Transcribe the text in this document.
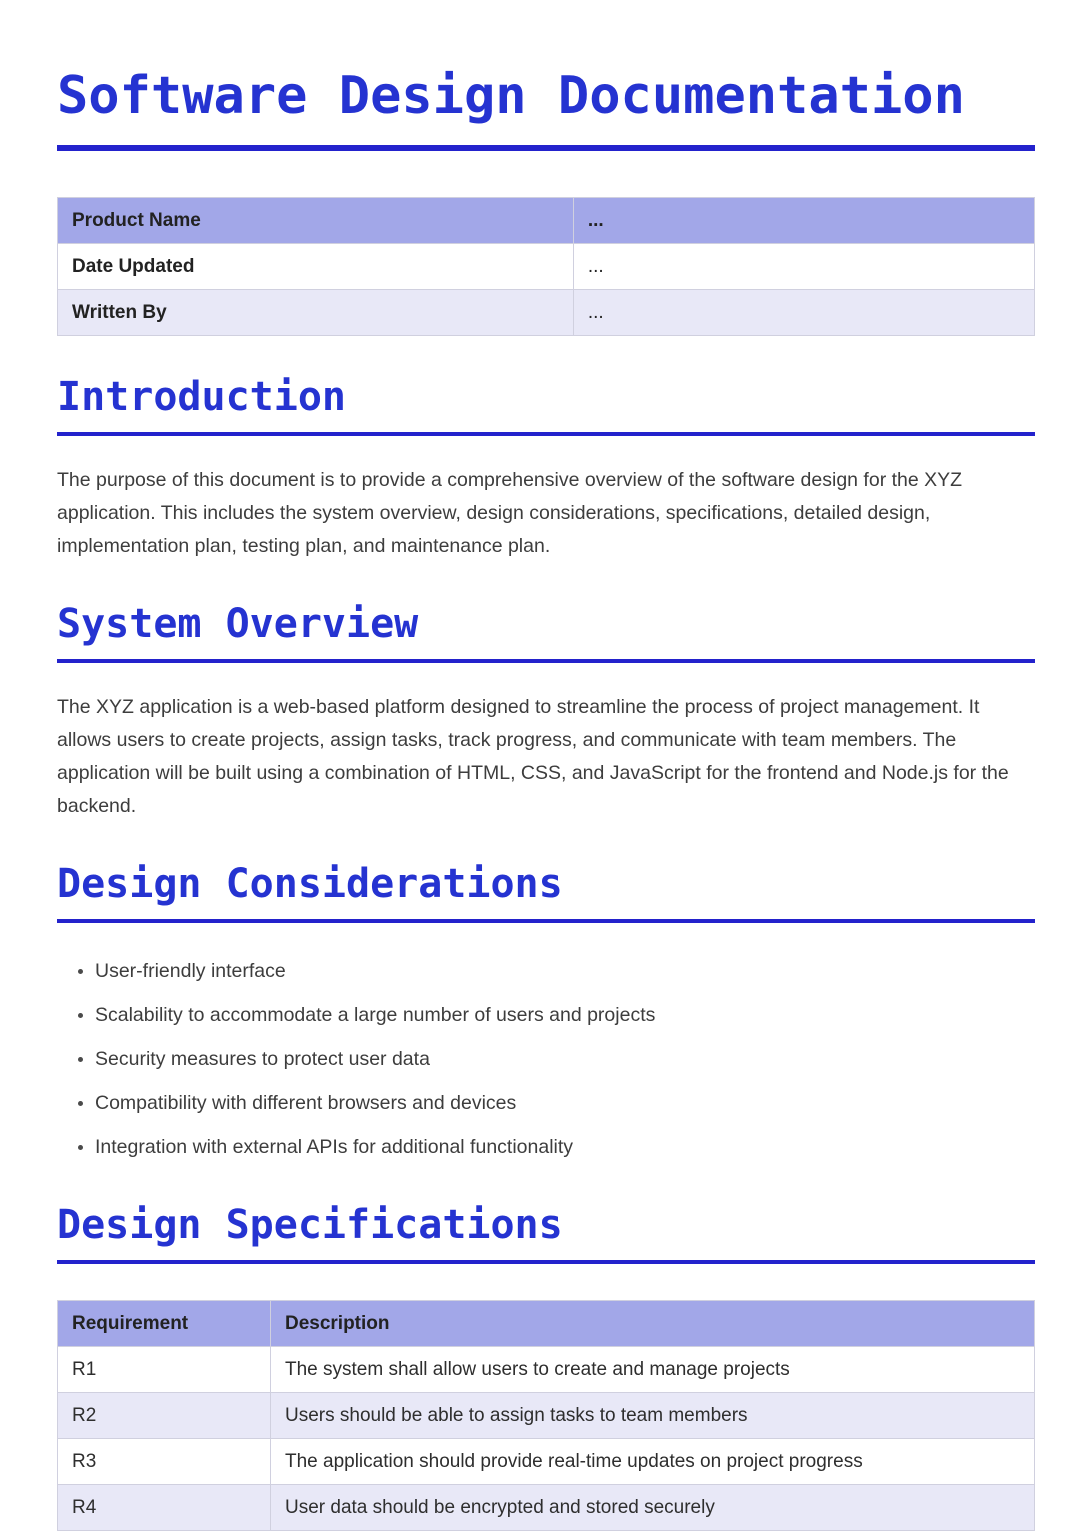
Software Design Documentation
Product Name	...
Date Updated	...
Written By	...
Introduction

The purpose of this document is to provide a comprehensive overview of the software design for the XYZ application. This includes the system overview, design considerations, specifications, detailed design, implementation plan, testing plan, and maintenance plan.

System Overview

The XYZ application is a web-based platform designed to streamline the process of project management. It allows users to create projects, assign tasks, track progress, and communicate with team members. The application will be built using a combination of HTML, CSS, and JavaScript for the frontend and Node.js for the backend.

Design Considerations
User-friendly interface
Scalability to accommodate a large number of users and projects
Security measures to protect user data
Compatibility with different browsers and devices
Integration with external APIs for additional functionality
Design Specifications
Requirement	Description
R1	The system shall allow users to create and manage projects
R2	Users should be able to assign tasks to team members
R3	The application should provide real-time updates on project progress
R4	User data should be encrypted and stored securely
